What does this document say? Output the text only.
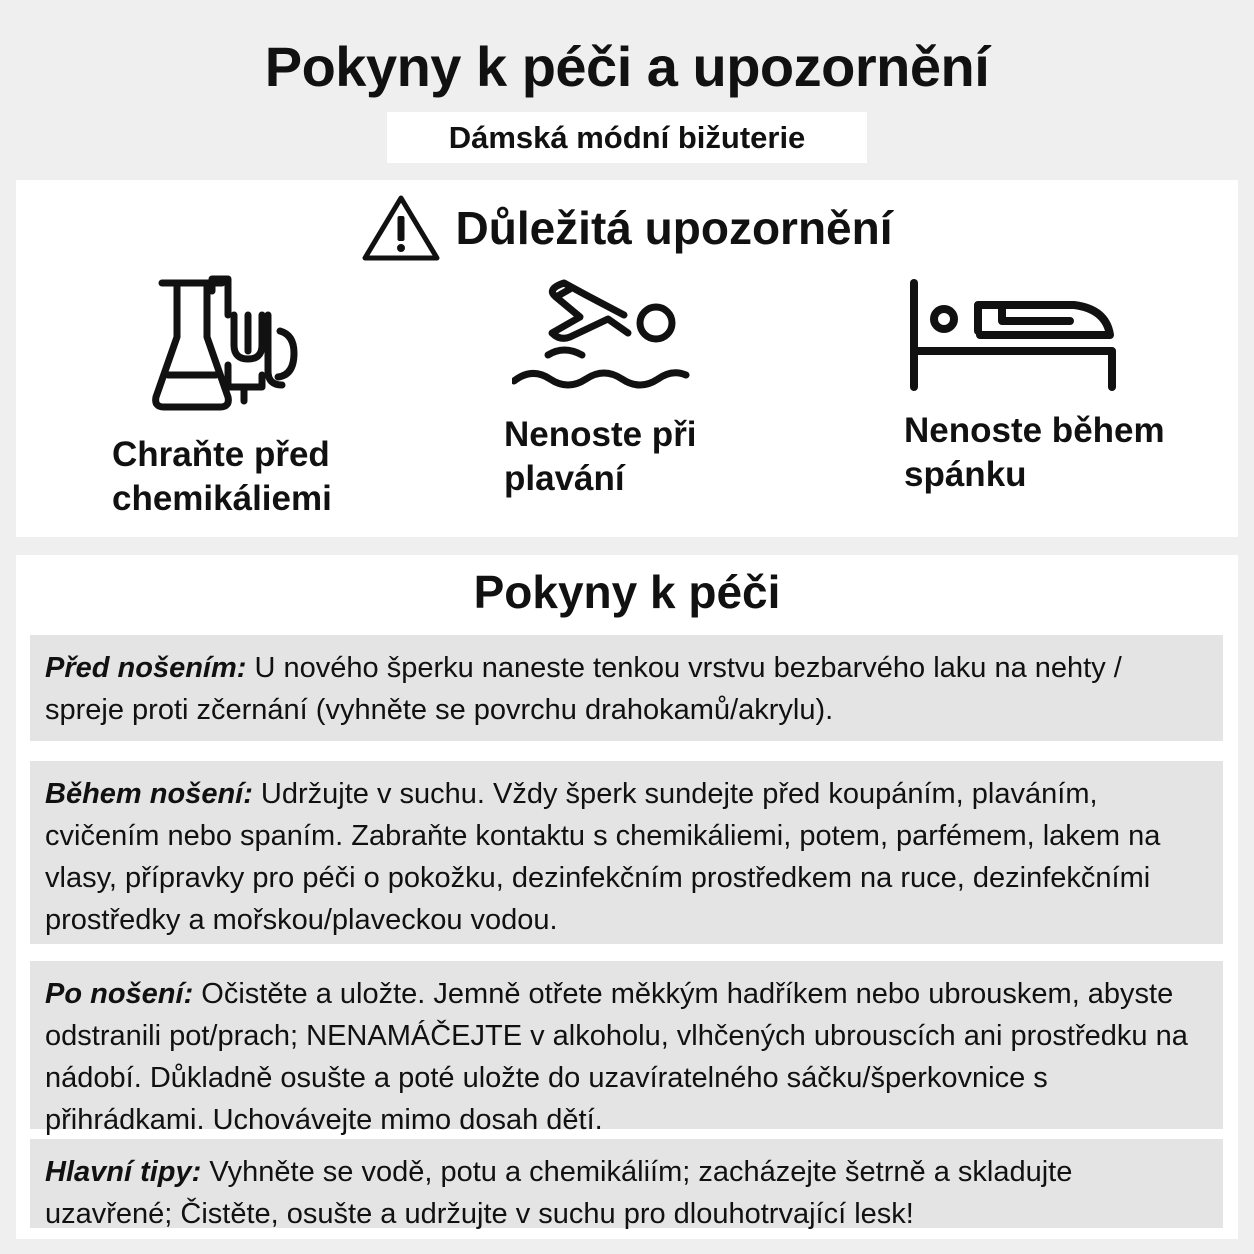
Pokyny k péči a upozornění
Dámská módní bižuterie
Důležitá upozornění
Chraňte před
chemikáliemi
Nenoste při
plavání
Nenoste během
spánku
Pokyny k péči
Před nošením: U nového šperku naneste tenkou vrstvu bezbarvého laku na nehty / spreje proti zčernání (vyhněte se povrchu drahokamů/akrylu).
Během nošení: Udržujte v suchu. Vždy šperk sundejte před koupáním, plaváním, cvičením nebo spaním. Zabraňte kontaktu s chemikáliemi, potem, parfémem, lakem na vlasy, přípravky pro péči o pokožku, dezinfekčním prostředkem na ruce, dezinfekčními prostředky a mořskou/plaveckou vodou.
Po nošení: Očistěte a uložte. Jemně otřete měkkým hadříkem nebo ubrouskem, abyste odstranili pot/prach; NENAMÁČEJTE v alkoholu, vlhčených ubrouscích ani prostředku na nádobí. Důkladně osušte a poté uložte do uzavíratelného sáčku/šperkovnice s přihrádkami. Uchovávejte mimo dosah dětí.
Hlavní tipy: Vyhněte se vodě, potu a chemikáliím; zacházejte šetrně a skladujte uzavřené; Čistěte, osušte a udržujte v suchu pro dlouhotrvající lesk!
